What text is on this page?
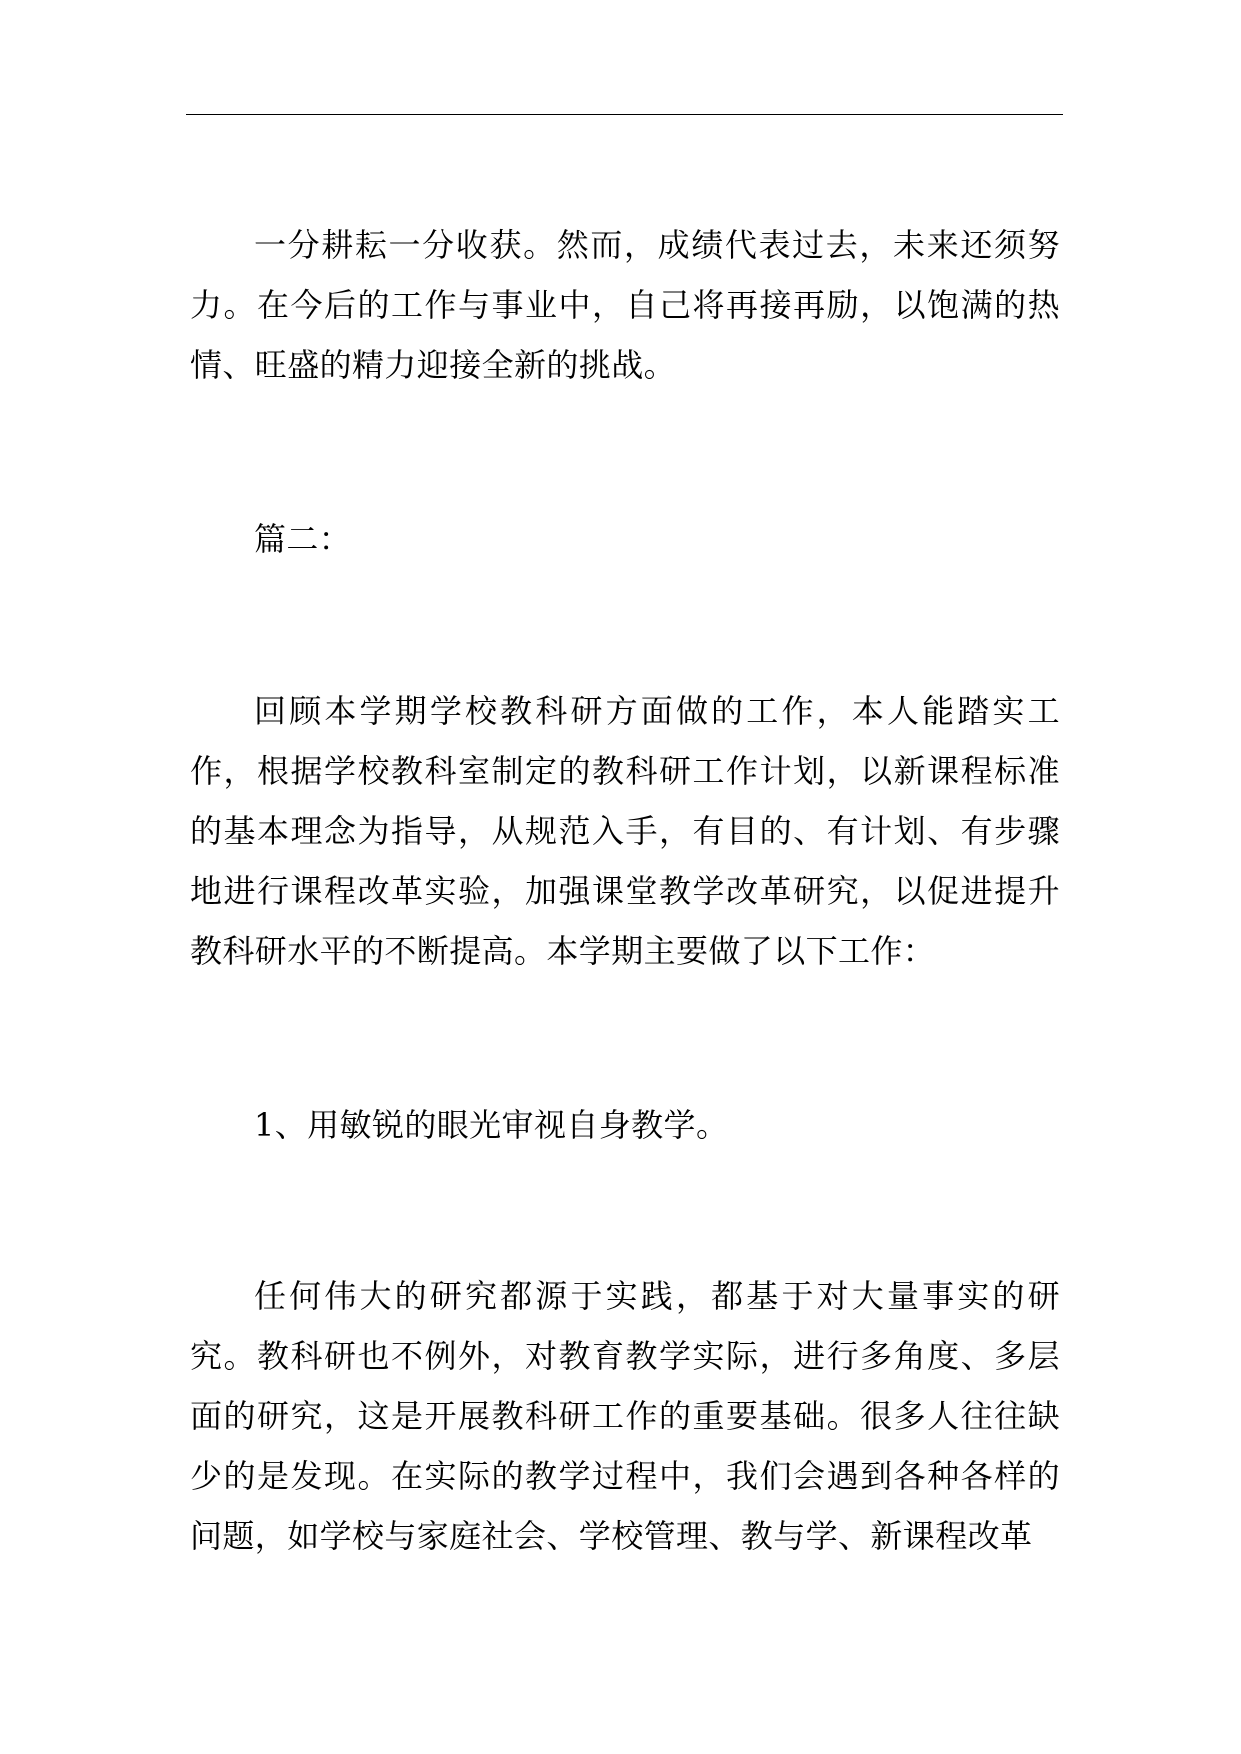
一分耕耘一分收获。然而，成绩代表过去，未来还须努力。在今后的工作与事业中，自己将再接再励，以饱满的热情、旺盛的精力迎接全新的挑战。

篇二：

回顾本学期学校教科研方面做的工作，本人能踏实工作，根据学校教科室制定的教科研工作计划，以新课程标准的基本理念为指导，从规范入手，有目的、有计划、有步骤地进行课程改革实验，加强课堂教学改革研究，以促进提升教科研水平的不断提高。本学期主要做了以下工作：

1、用敏锐的眼光审视自身教学。

任何伟大的研究都源于实践，都基于对大量事实的研究。教科研也不例外，对教育教学实际，进行多角度、多层面的研究，这是开展教科研工作的重要基础。很多人往往缺少的是发现。在实际的教学过程中，我们会遇到各种各样的问题，如学校与家庭社会、学校管理、教与学、新课程改革
